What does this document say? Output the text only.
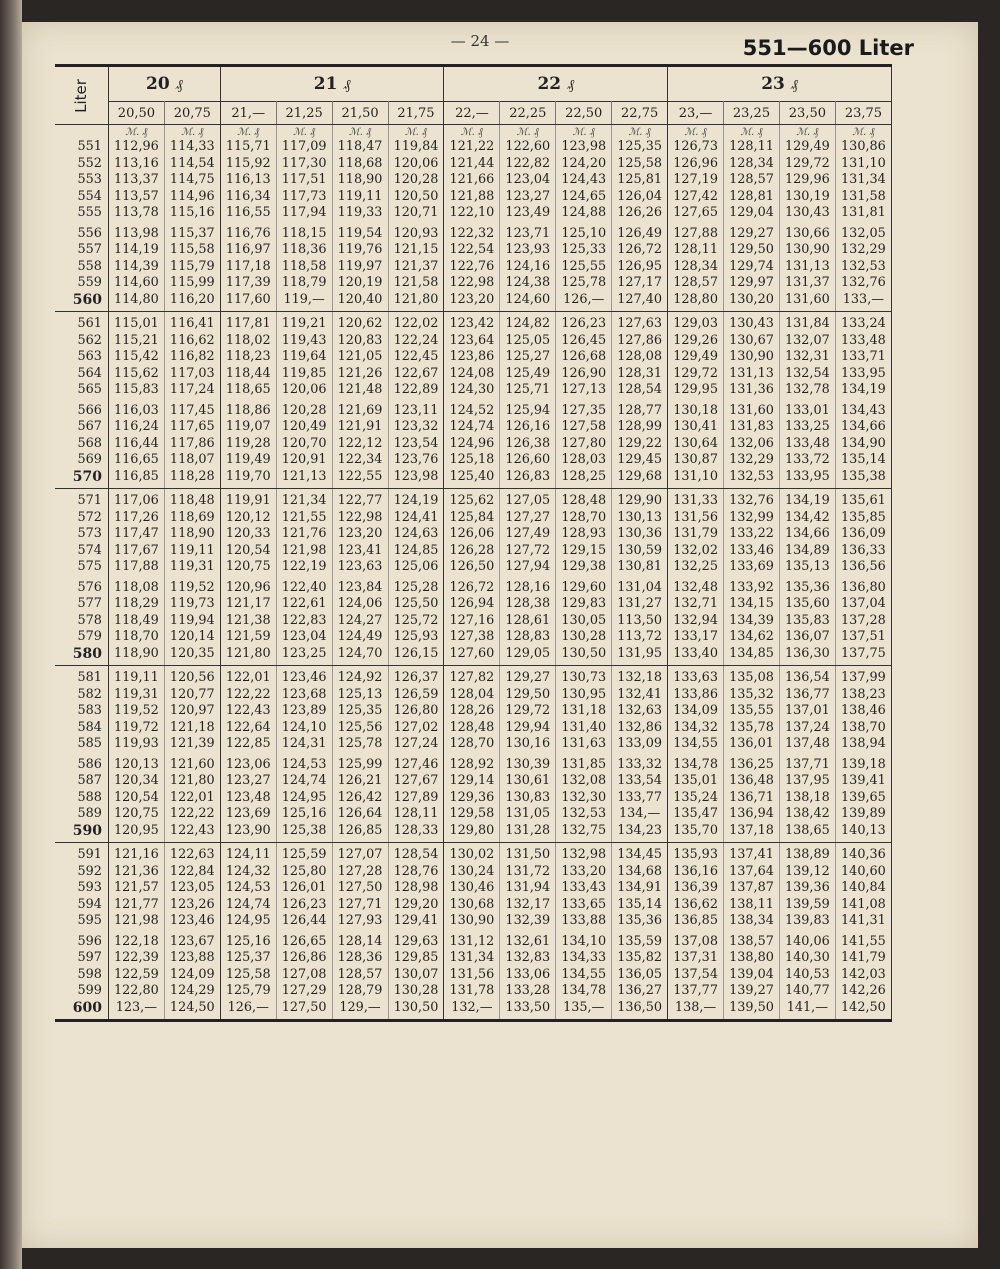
— 24 —	551—600 Liter
Liter	20 ₰		21 ₰				22 ₰				23 ₰			
	20,50	20,75	21,—	21,25	21,50	21,75	22,—	22,25	22,50	22,75	23,—	23,25	23,50	23,75
	ℳ. ₰	ℳ. ₰	ℳ. ₰	ℳ. ₰	ℳ. ₰	ℳ. ₰	ℳ. ₰	ℳ. ₰	ℳ. ₰	ℳ. ₰	ℳ. ₰	ℳ. ₰	ℳ. ₰	ℳ. ₰
551	112,96	114,33	115,71	117,09	118,47	119,84	121,22	122,60	123,98	125,35	126,73	128,11	129,49	130,86
552	113,16	114,54	115,92	117,30	118,68	120,06	121,44	122,82	124,20	125,58	126,96	128,34	129,72	131,10
553	113,37	114,75	116,13	117,51	118,90	120,28	121,66	123,04	124,43	125,81	127,19	128,57	129,96	131,34
554	113,57	114,96	116,34	117,73	119,11	120,50	121,88	123,27	124,65	126,04	127,42	128,81	130,19	131,58
555	113,78	115,16	116,55	117,94	119,33	120,71	122,10	123,49	124,88	126,26	127,65	129,04	130,43	131,81
556	113,98	115,37	116,76	118,15	119,54	120,93	122,32	123,71	125,10	126,49	127,88	129,27	130,66	132,05
557	114,19	115,58	116,97	118,36	119,76	121,15	122,54	123,93	125,33	126,72	128,11	129,50	130,90	132,29
558	114,39	115,79	117,18	118,58	119,97	121,37	122,76	124,16	125,55	126,95	128,34	129,74	131,13	132,53
559	114,60	115,99	117,39	118,79	120,19	121,58	122,98	124,38	125,78	127,17	128,57	129,97	131,37	132,76
560	114,80	116,20	117,60	119,—	120,40	121,80	123,20	124,60	126,—	127,40	128,80	130,20	131,60	133,—
561	115,01	116,41	117,81	119,21	120,62	122,02	123,42	124,82	126,23	127,63	129,03	130,43	131,84	133,24
562	115,21	116,62	118,02	119,43	120,83	122,24	123,64	125,05	126,45	127,86	129,26	130,67	132,07	133,48
563	115,42	116,82	118,23	119,64	121,05	122,45	123,86	125,27	126,68	128,08	129,49	130,90	132,31	133,71
564	115,62	117,03	118,44	119,85	121,26	122,67	124,08	125,49	126,90	128,31	129,72	131,13	132,54	133,95
565	115,83	117,24	118,65	120,06	121,48	122,89	124,30	125,71	127,13	128,54	129,95	131,36	132,78	134,19
566	116,03	117,45	118,86	120,28	121,69	123,11	124,52	125,94	127,35	128,77	130,18	131,60	133,01	134,43
567	116,24	117,65	119,07	120,49	121,91	123,32	124,74	126,16	127,58	128,99	130,41	131,83	133,25	134,66
568	116,44	117,86	119,28	120,70	122,12	123,54	124,96	126,38	127,80	129,22	130,64	132,06	133,48	134,90
569	116,65	118,07	119,49	120,91	122,34	123,76	125,18	126,60	128,03	129,45	130,87	132,29	133,72	135,14
570	116,85	118,28	119,70	121,13	122,55	123,98	125,40	126,83	128,25	129,68	131,10	132,53	133,95	135,38
571	117,06	118,48	119,91	121,34	122,77	124,19	125,62	127,05	128,48	129,90	131,33	132,76	134,19	135,61
572	117,26	118,69	120,12	121,55	122,98	124,41	125,84	127,27	128,70	130,13	131,56	132,99	134,42	135,85
573	117,47	118,90	120,33	121,76	123,20	124,63	126,06	127,49	128,93	130,36	131,79	133,22	134,66	136,09
574	117,67	119,11	120,54	121,98	123,41	124,85	126,28	127,72	129,15	130,59	132,02	133,46	134,89	136,33
575	117,88	119,31	120,75	122,19	123,63	125,06	126,50	127,94	129,38	130,81	132,25	133,69	135,13	136,56
576	118,08	119,52	120,96	122,40	123,84	125,28	126,72	128,16	129,60	131,04	132,48	133,92	135,36	136,80
577	118,29	119,73	121,17	122,61	124,06	125,50	126,94	128,38	129,83	131,27	132,71	134,15	135,60	137,04
578	118,49	119,94	121,38	122,83	124,27	125,72	127,16	128,61	130,05	113,50	132,94	134,39	135,83	137,28
579	118,70	120,14	121,59	123,04	124,49	125,93	127,38	128,83	130,28	113,72	133,17	134,62	136,07	137,51
580	118,90	120,35	121,80	123,25	124,70	126,15	127,60	129,05	130,50	131,95	133,40	134,85	136,30	137,75
581	119,11	120,56	122,01	123,46	124,92	126,37	127,82	129,27	130,73	132,18	133,63	135,08	136,54	137,99
582	119,31	120,77	122,22	123,68	125,13	126,59	128,04	129,50	130,95	132,41	133,86	135,32	136,77	138,23
583	119,52	120,97	122,43	123,89	125,35	126,80	128,26	129,72	131,18	132,63	134,09	135,55	137,01	138,46
584	119,72	121,18	122,64	124,10	125,56	127,02	128,48	129,94	131,40	132,86	134,32	135,78	137,24	138,70
585	119,93	121,39	122,85	124,31	125,78	127,24	128,70	130,16	131,63	133,09	134,55	136,01	137,48	138,94
586	120,13	121,60	123,06	124,53	125,99	127,46	128,92	130,39	131,85	133,32	134,78	136,25	137,71	139,18
587	120,34	121,80	123,27	124,74	126,21	127,67	129,14	130,61	132,08	133,54	135,01	136,48	137,95	139,41
588	120,54	122,01	123,48	124,95	126,42	127,89	129,36	130,83	132,30	133,77	135,24	136,71	138,18	139,65
589	120,75	122,22	123,69	125,16	126,64	128,11	129,58	131,05	132,53	134,—	135,47	136,94	138,42	139,89
590	120,95	122,43	123,90	125,38	126,85	128,33	129,80	131,28	132,75	134,23	135,70	137,18	138,65	140,13
591	121,16	122,63	124,11	125,59	127,07	128,54	130,02	131,50	132,98	134,45	135,93	137,41	138,89	140,36
592	121,36	122,84	124,32	125,80	127,28	128,76	130,24	131,72	133,20	134,68	136,16	137,64	139,12	140,60
593	121,57	123,05	124,53	126,01	127,50	128,98	130,46	131,94	133,43	134,91	136,39	137,87	139,36	140,84
594	121,77	123,26	124,74	126,23	127,71	129,20	130,68	132,17	133,65	135,14	136,62	138,11	139,59	141,08
595	121,98	123,46	124,95	126,44	127,93	129,41	130,90	132,39	133,88	135,36	136,85	138,34	139,83	141,31
596	122,18	123,67	125,16	126,65	128,14	129,63	131,12	132,61	134,10	135,59	137,08	138,57	140,06	141,55
597	122,39	123,88	125,37	126,86	128,36	129,85	131,34	132,83	134,33	135,82	137,31	138,80	140,30	141,79
598	122,59	124,09	125,58	127,08	128,57	130,07	131,56	133,06	134,55	136,05	137,54	139,04	140,53	142,03
599	122,80	124,29	125,79	127,29	128,79	130,28	131,78	133,28	134,78	136,27	137,77	139,27	140,77	142,26
600	123,—	124,50	126,—	127,50	129,—	130,50	132,—	133,50	135,—	136,50	138,—	139,50	141,—	142,50
